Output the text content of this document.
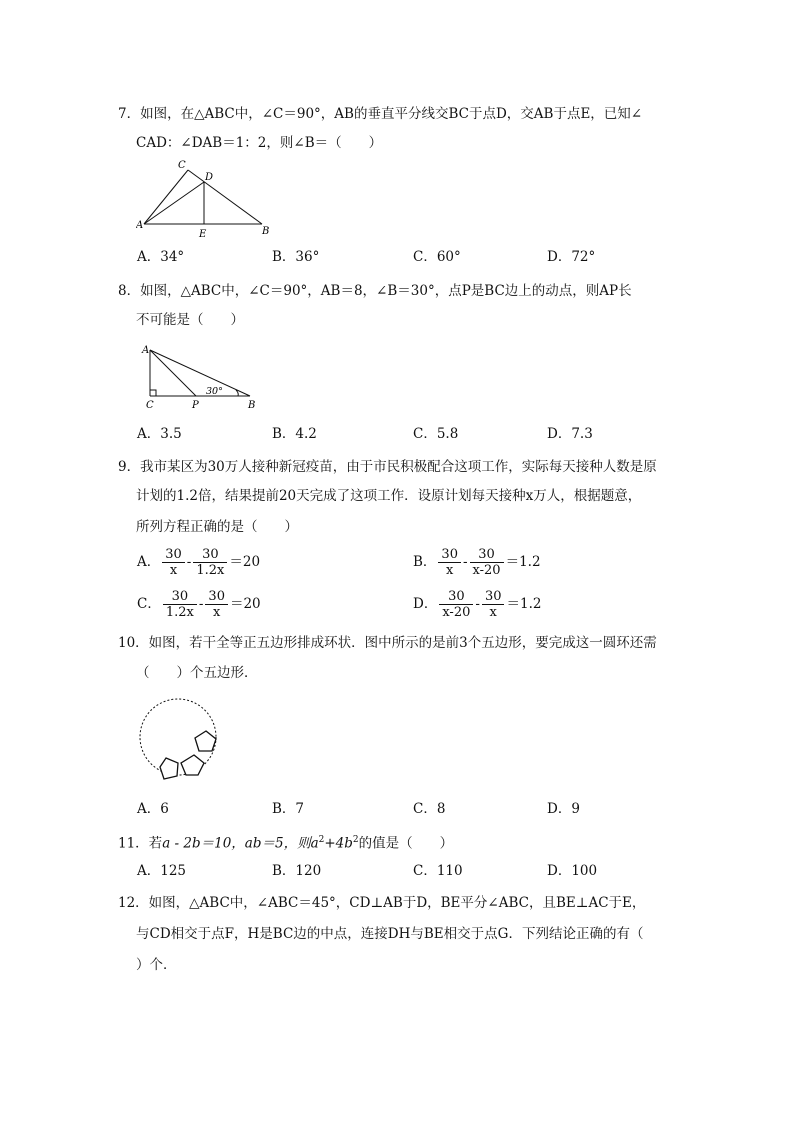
7．如图，在△ABC中，∠C＝90°，AB的垂直平分线交BC于点D，交AB于点E，已知∠
CAD：∠DAB＝1：2，则∠B＝（　　）
C
D
A
E	B
A．34°	B．36°	C．60°	D．72°
8．如图，△ABC中，∠C＝90°，AB＝8，∠B＝30°，点P是BC边上的动点，则AP长
不可能是（　　）
A
C	P	B
30°
A．3.5	B．4.2	C．5.8	D．7.3
9．我市某区为30万人接种新冠疫苗，由于市民积极配合这项工作，实际每天接种人数是原
计划的1.2倍，结果提前20天完成了这项工作．设原计划每天接种x万人，根据题意，
所列方程正确的是（　　）
A． $\frac{30}{x} - \frac{30}{1.2x} =20$	B． $\frac{30}{x} - \frac{30}{x-20} =1.2$
C． $\frac{30}{1.2x} - \frac{30}{x} =20$	D． $\frac{30}{x-20} - \frac{30}{x} =1.2$
10．如图，若干全等正五边形排成环状．图中所示的是前3个五边形，要完成这一圆环还需
（　　）个五边形．
A．6	B．7	C．8	D．9
11．若a - 2b＝10，ab＝5，则$a^2+4b^2$的值是（　　）
A．125	B．120	C．110	D．100
12．如图，△ABC中，∠ABC＝45°，CD⊥AB于D，BE平分∠ABC，且BE⊥AC于E，
与CD相交于点F，H是BC边的中点，连接DH与BE相交于点G．下列结论正确的有（
）个．
